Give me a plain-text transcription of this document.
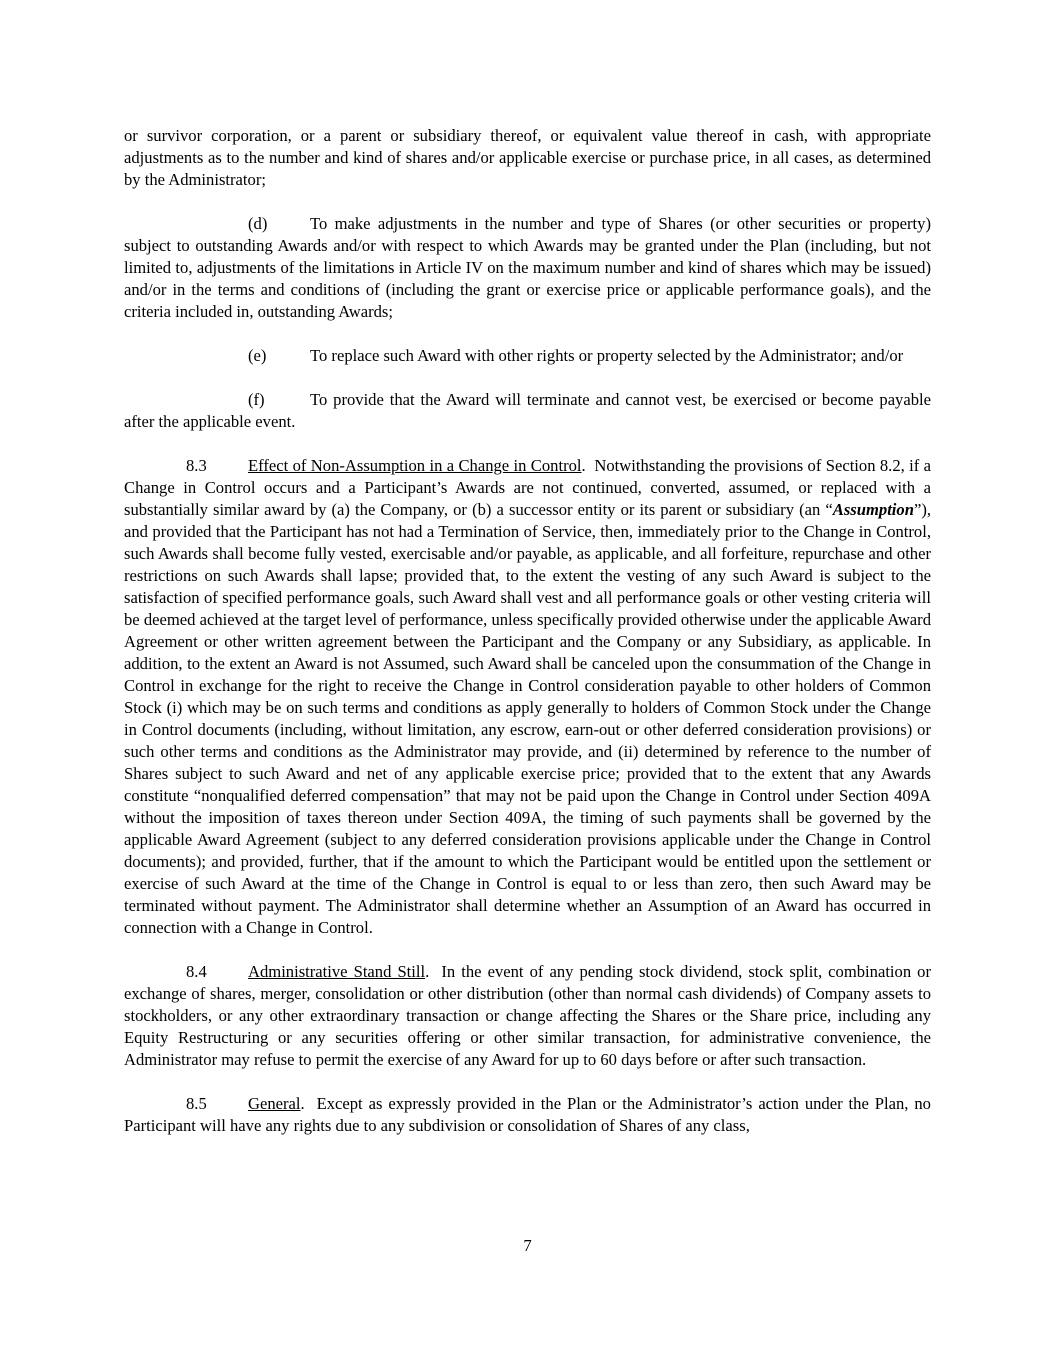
or survivor corporation, or a parent or subsidiary thereof, or equivalent value thereof in cash, with appropriate adjustments as to the number and kind of shares and/or applicable exercise or purchase price, in all cases, as determined by the Administrator;

(d)	To make adjustments in the number and type of Shares (or other securities or property) subject to outstanding Awards and/or with respect to which Awards may be granted under the Plan (including, but not limited to, adjustments of the limitations in Article IV on the maximum number and kind of shares which may be issued) and/or in the terms and conditions of (including the grant or exercise price or applicable performance goals), and the criteria included in, outstanding Awards;

(e)	To replace such Award with other rights or property selected by the Administrator; and/or

(f)	To provide that the Award will terminate and cannot vest, be exercised or become payable after the applicable event.

8.3 Effect of Non-Assumption in a Change in Control.  Notwithstanding the provisions of Section 8.2, if a Change in Control occurs and a Participant’s Awards are not continued, converted, assumed, or replaced with a substantially similar award by (a) the Company, or (b) a successor entity or its parent or subsidiary (an “Assumption”), and provided that the Participant has not had a Termination of Service, then, immediately prior to the Change in Control, such Awards shall become fully vested, exercisable and/or payable, as applicable, and all forfeiture, repurchase and other restrictions on such Awards shall lapse; provided that, to the extent the vesting of any such Award is subject to the satisfaction of specified performance goals, such Award shall vest and all performance goals or other vesting criteria will be deemed achieved at the target level of performance, unless specifically provided otherwise under the applicable Award Agreement or other written agreement between the Participant and the Company or any Subsidiary, as applicable. In addition, to the extent an Award is not Assumed, such Award shall be canceled upon the consummation of the Change in Control in exchange for the right to receive the Change in Control consideration payable to other holders of Common Stock (i) which may be on such terms and conditions as apply generally to holders of Common Stock under the Change in Control documents (including, without limitation, any escrow, earn-out or other deferred consideration provisions) or such other terms and conditions as the Administrator may provide, and (ii) determined by reference to the number of Shares subject to such Award and net of any applicable exercise price; provided that to the extent that any Awards constitute “nonqualified deferred compensation” that may not be paid upon the Change in Control under Section 409A without the imposition of taxes thereon under Section 409A, the timing of such payments shall be governed by the applicable Award Agreement (subject to any deferred consideration provisions applicable under the Change in Control documents); and provided, further, that if the amount to which the Participant would be entitled upon the settlement or exercise of such Award at the time of the Change in Control is equal to or less than zero, then such Award may be terminated without payment. The Administrator shall determine whether an Assumption of an Award has occurred in connection with a Change in Control.

8.4 Administrative Stand Still.  In the event of any pending stock dividend, stock split, combination or exchange of shares, merger, consolidation or other distribution (other than normal cash dividends) of Company assets to stockholders, or any other extraordinary transaction or change affecting the Shares or the Share price, including any Equity Restructuring or any securities offering or other similar transaction, for administrative convenience, the Administrator may refuse to permit the exercise of any Award for up to 60 days before or after such transaction.

8.5 General.  Except as expressly provided in the Plan or the Administrator’s action under the Plan, no Participant will have any rights due to any subdivision or consolidation of Shares of any class,

7
